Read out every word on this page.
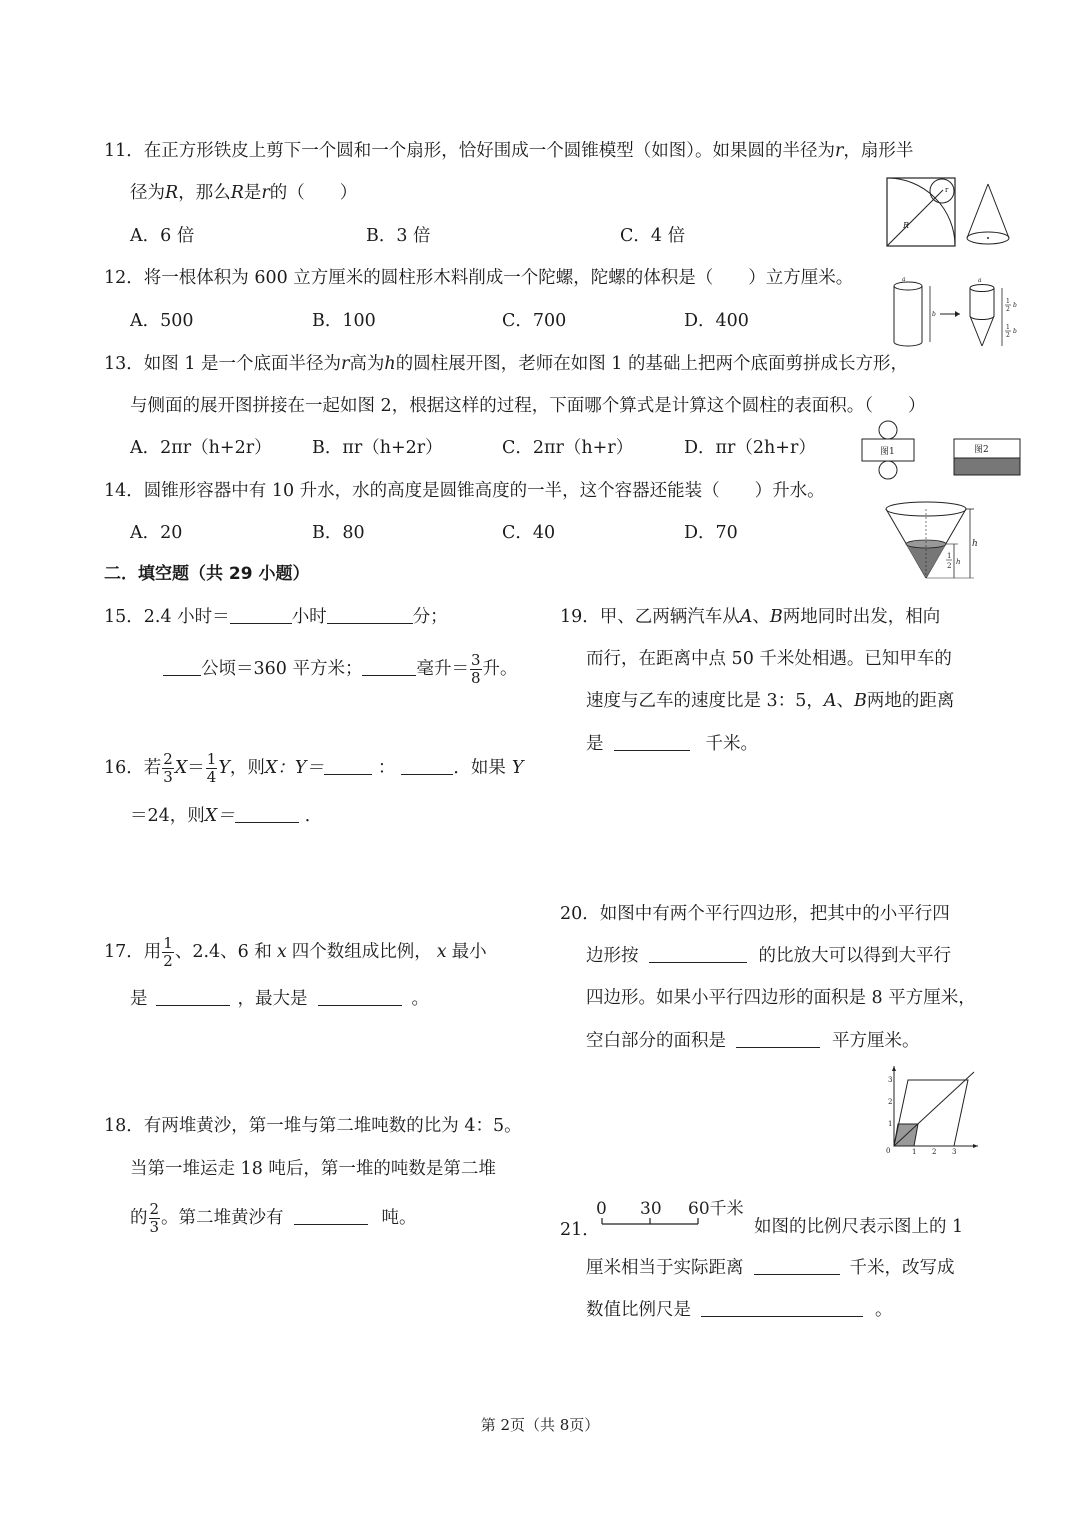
11．在正方形铁皮上剪下一个圆和一个扇形，恰好围成一个圆锥模型（如图）。如果圆的半径为r，扇形半
径为R，那么R是r的（　　）
A．6 倍	B．3 倍	C．4 倍
r
R
12．将一根体积为 600 立方厘米的圆柱形木料削成一个陀螺，陀螺的体积是（　　）立方厘米。
A．500	B．100	C．700	D．400
a
b
a
1
2
b
1
2
b
13．如图 1 是一个底面半径为r高为h的圆柱展开图，老师在如图 1 的基础上把两个底面剪拼成长方形，
与侧面的展开图拼接在一起如图 2，根据这样的过程，下面哪个算式是计算这个圆柱的表面积。（　　）
A．2πr（h+2r） B．πr（h+2r）	C．2πr（h+r）	D．πr（2h+r）	图1	图2
14．圆锥形容器中有 10 升水，水的高度是圆锥高度的一半，这个容器还能装（　　）升水。
A．20	B．80	C．40	D．70
h
1
2 h
二．填空题（共 29 小题）
15．2.4 小时＝	小时	分；
公顷＝360 平方米；	毫升＝ $\frac{3}{8}$ 升。
16．若 $\frac{2}{3} X= \frac{1}{4}$ Y，则X：Y＝	：	．如果 Y
＝24，则X＝	．
17．用 $\frac{1}{2}$ 、2.4、6 和 x 四个数组成比例， x 最小
是	，最大是	。
18．有两堆黄沙，第一堆与第二堆吨数的比为 4：5。
当第一堆运走 18 吨后，第一堆的吨数是第二堆
的 $\frac{2}{3}$ 。第二堆黄沙有	吨。
19．甲、乙两辆汽车从A、B两地同时出发，相向
而行，在距离中点 50 千米处相遇。已知甲车的
速度与乙车的速度比是 3：5，A、B两地的距离
是	千米。
20．如图中有两个平行四边形，把其中的小平行四
边形按	的比放大可以得到大平行
四边形。如果小平行四边形的面积是 8 平方厘米，
空白部分的面积是	平方厘米。
0	1 2 3
1
2
3
0 30 60千米
21．	如图的比例尺表示图上的 1
厘米相当于实际距离	千米，改写成
数值比例尺是	。
第 2页（共 8页）
